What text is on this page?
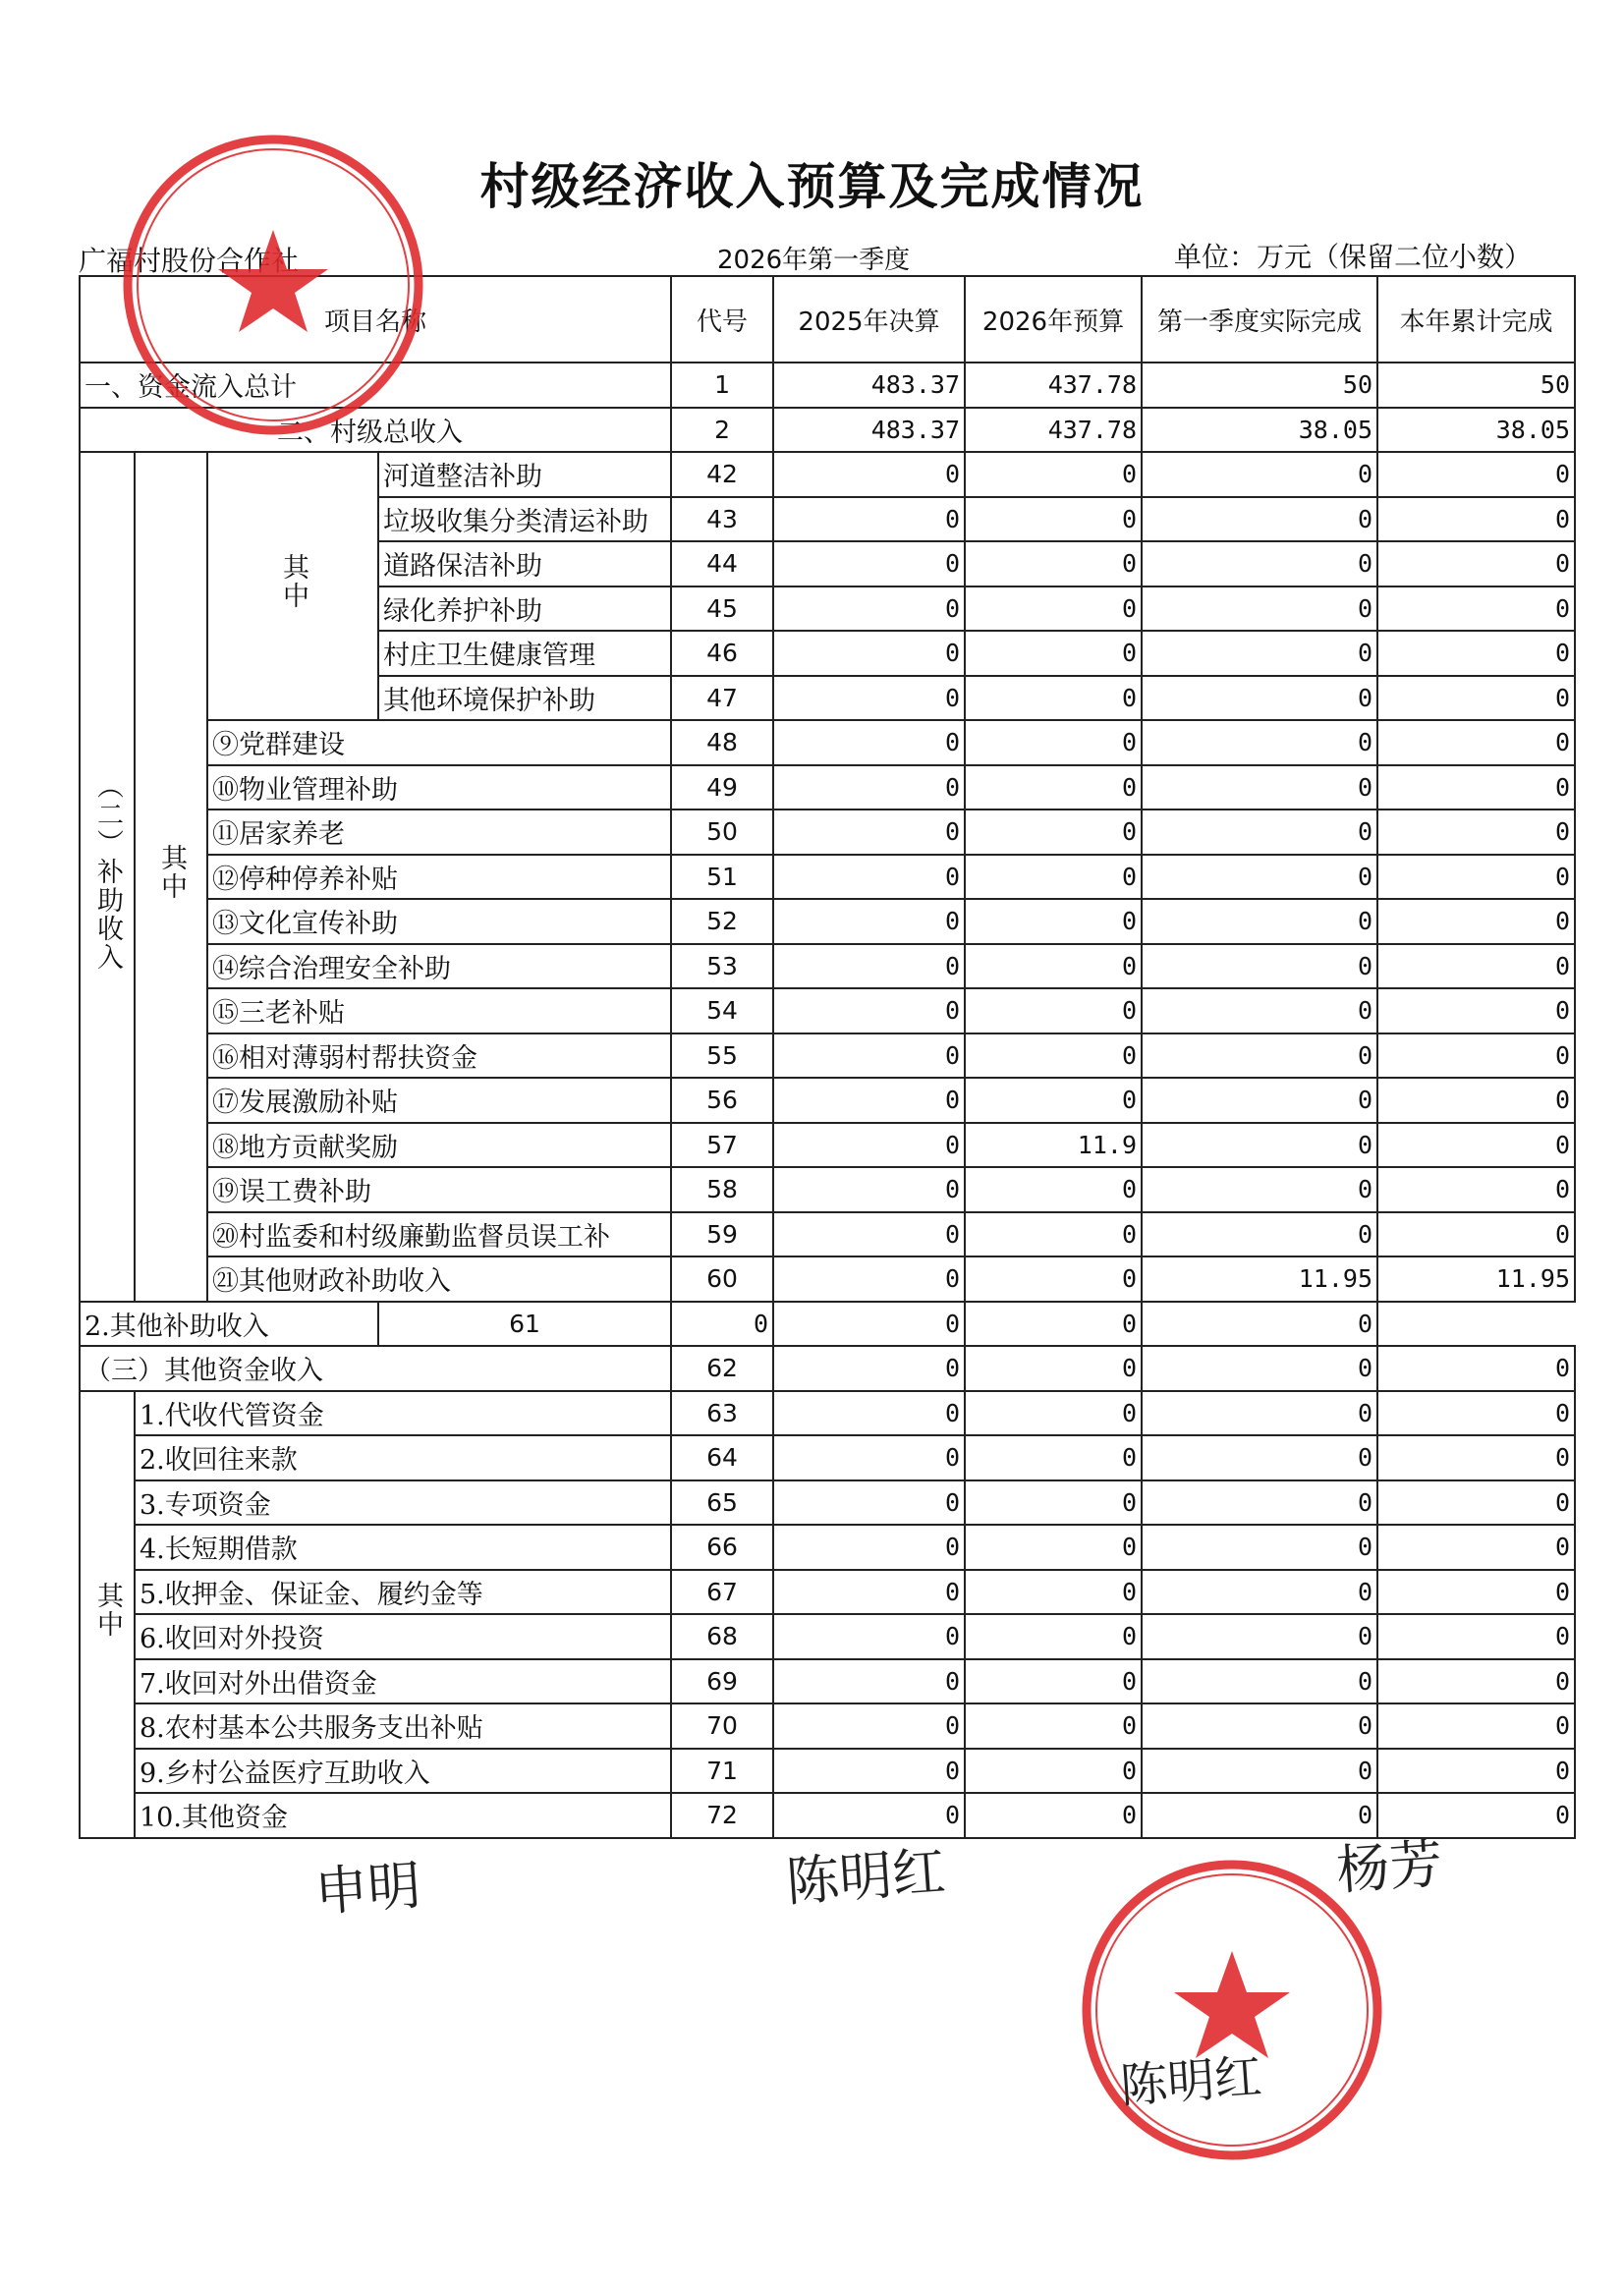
村级经济收入预算及完成情况
广福村股份合作社	2026年第一季度	单位：万元（保留二位小数）
项目名称				代号	2025年决算	2026年预算	第一季度实际完成	本年累计完成
一、资金流入总计				1	483.37	437.78	50	50
二、村级总收入				2	483.37	437.78	38.05	38.05
（二）补助收入	其中	其中	河道整洁补助	42	0	0	0	0
			垃圾收集分类清运补助	43	0	0	0	0
			道路保洁补助	44	0	0	0	0
			绿化养护补助	45	0	0	0	0
			村庄卫生健康管理	46	0	0	0	0
			其他环境保护补助	47	0	0	0	0
		⑨党群建设		48	0	0	0	0
		⑩物业管理补助		49	0	0	0	0
		⑪居家养老		50	0	0	0	0
		⑫停种停养补贴		51	0	0	0	0
		⑬文化宣传补助		52	0	0	0	0
		⑭综合治理安全补助		53	0	0	0	0
		⑮三老补贴		54	0	0	0	0
		⑯相对薄弱村帮扶资金		55	0	0	0	0
		⑰发展激励补贴		56	0	0	0	0
		⑱地方贡献奖励		57	0	11.9	0	0
		⑲误工费补助		58	0	0	0	0
		⑳村监委和村级廉勤监督员误工补		59	0	0	0	0
		㉑其他财政补助收入		60	0	0	11.95	11.95
2.其他补助收入			61	0	0	0	0	
（三）其他资金收入				62	0	0	0	0
其中	1.代收代管资金			63	0	0	0	0
	2.收回往来款			64	0	0	0	0
	3.专项资金			65	0	0	0	0
	4.长短期借款			66	0	0	0	0
	5.收押金、保证金、履约金等			67	0	0	0	0
	6.收回对外投资			68	0	0	0	0
	7.收回对外出借资金			69	0	0	0	0
	8.农村基本公共服务支出补贴			70	0	0	0	0
	9.乡村公益医疗互助收入			71	0	0	0	0
	10.其他资金			72	0	0	0	0
申明	陈明红	杨芳
陈明红
